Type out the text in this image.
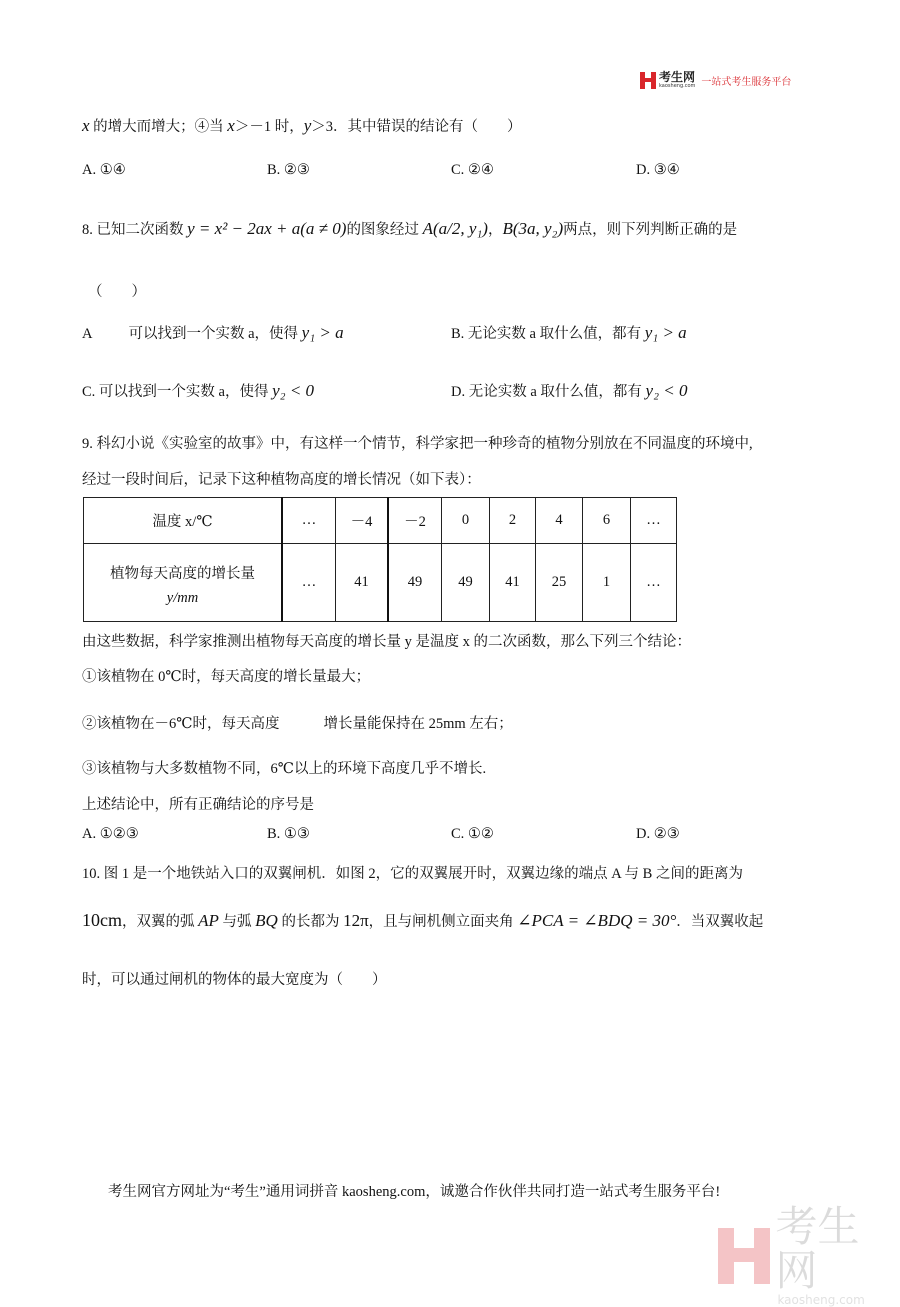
考生网
kaosheng.com 一站式考生服务平台
x 的增大而增大；④当 x＞－1 时，y＞3．其中错误的结论有（　　）
A. ①④	B. ②③	C. ②④	D. ③④
8. 已知二次函数 y = x² − 2ax + a(a ≠ 0)的图象经过 A(a/2, y₁)，B(3a, y₂)两点，则下列判断正确的是
（　　）
A 可以找到一个实数 a，使得 y₁ > a	B. 无论实数 a 取什么值，都有 y₁ > a
C. 可以找到一个实数 a，使得 y₂ < 0	D. 无论实数 a 取什么值，都有 y₂ < 0
9. 科幻小说《实验室的故事》中，有这样一个情节，科学家把一种珍奇的植物分别放在不同温度的环境中,
经过一段时间后，记录下这种植物高度的增长情况（如下表）：
温度 x/℃	…	－4	－2	0	2	4	6	…

植物每天高度的增长量
y/mm	…	41	49	49	41	25	1	…
由这些数据，科学家推测出植物每天高度的增长量 y 是温度 x 的二次函数，那么下列三个结论：
①该植物在 0℃时，每天高度的增长量最大；
②该植物在－6℃时，每天高度	增长量能保持在 25mm 左右；
③该植物与大多数植物不同，6℃以上的环境下高度几乎不增长.
上述结论中，所有正确结论的序号是
A. ①②③	B. ①③	C. ①②	D. ②③
10. 图 1 是一个地铁站入口的双翼闸机．如图 2，它的双翼展开时，双翼边缘的端点 A 与 B 之间的距离为
10cm，双翼的弧 AP 与弧 BQ 的长都为 12π，且与闸机侧立面夹角 ∠PCA = ∠BDQ = 30°．当双翼收起
时，可以通过闸机的物体的最大宽度为（　　）
考生网官方网址为“考生”通用词拼音 kaosheng.com，诚邀合作伙伴共同打造一站式考生服务平台!
考生网
kaosheng.com
